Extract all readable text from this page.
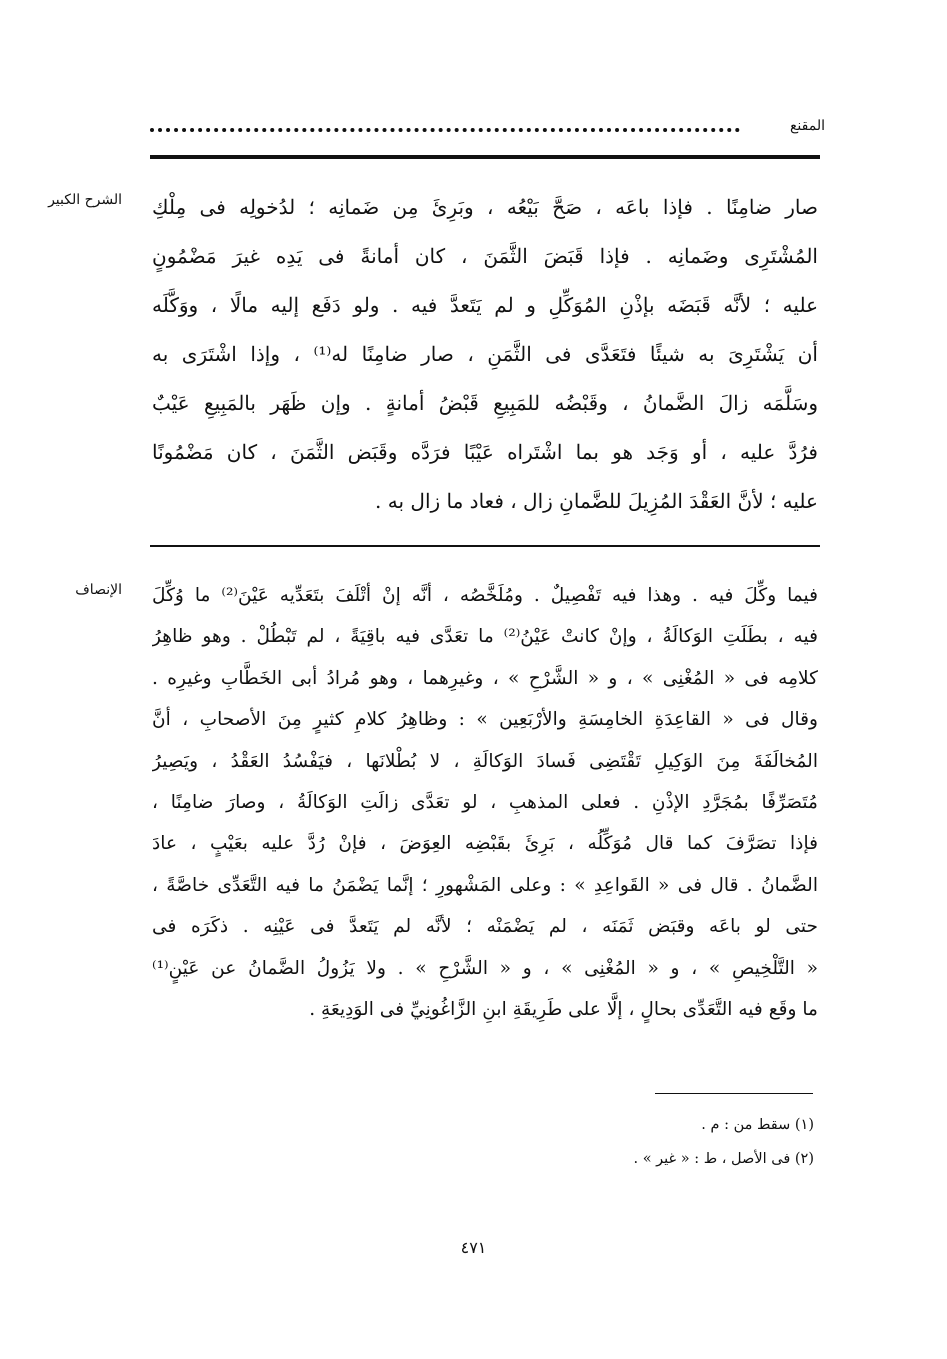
المقنع
الشرح الكبير صار ضامِنًا . فإذا باعَه ، صَحَّ بَيْعُه ، وبَرِئَ مِن ضَمانِه ؛ لدُخولِه فى مِلْكِ
المُشْتَرِى وضَمانِه . فإذا قَبَضَ الثَّمَنَ ، كان أمانةً فى يَدِه غيرَ مَضْمُونٍ
عليه ؛ لأنَّه قَبَضَه بإذْنِ المُوَكِّلِ و لم يَتَعدَّ فيه . ولو دَفَع إليه مالًا ، ووَكَّلَه
أن يَشْتَرِىَ به شيئًا فتَعَدَّى فى الثَّمَنِ ، صار ضامِنًا له⁽¹⁾ ، وإذا اشْتَرَى به
وسَلَّمَه زالَ الضَّمانُ ، وقَبْضُه للمَبِيعِ قَبْضُ أمانةٍ . وإن ظَهَر بالمَبِيعِ عَيْبٌ
فرُدَّ عليه ، أو وَجَد هو بما اشْتَراه عَيْبًا فرَدَّه وقَبَض الثَّمَنَ ، كان مَضْمُونًا
عليه ؛ لأنَّ العَقْدَ المُزِيلَ للضَّمانِ زال ، فعاد ما زال به .
الإنصاف فيما وكِّلَ فيه . وهذا فيه تَفْصِيلٌ . ومُلَخَّصُه ، أنَّه إنْ أتْلَفَ بتَعَدِّيه عَيْنَ⁽²⁾ ما وُكِّلَ
فيه ، بطَلَتِ الوَكالَةُ ، وإنْ كانتْ عَيْنُ⁽²⁾ ما تعَدَّى فيه باقِيَةً ، لم تَبْطُلْ . وهو ظاهِرُ
كلامِه فى « المُغْنِى » ، و « الشَّرْحِ » ، وغيرِهما ، وهو مُرادُ أبى الخَطَّابِ وغيرِه .
وقال فى « القاعِدَةِ الخامِسَةِ والأرْبَعِين » : وظاهِرُ كلامِ كثيرٍ مِنَ الأصحابِ ، أنَّ
المُخالَفَةَ مِنَ الوَكِيلِ تَقْتَضِى فَسادَ الوَكالَةِ ، لا بُطْلانَها ، فيَفْسُدُ العَقْدُ ، ويَصِيرُ
مُتَصَرِّفًا بمُجَرَّدِ الإذْنِ . فعلى المذهبِ ، لو تعَدَّى زالَتِ الوَكالَةُ ، وصارَ ضامِنًا ،
فإذا تصَرَّفَ كما قال مُوَكِّلُه ، بَرِئَ بقَبْضِه العِوَضَ ، فإنْ رُدَّ عليه بعَيْبٍ ، عادَ
الضَّمانُ . قال فى « القَواعِدِ » : وعلى المَشْهورِ ؛ إنَّما يَضْمَنُ ما فيه التَّعَدِّى خاصَّةً ،
حتى لو باعَه وقبَض ثَمَنَه ، لم يَضْمَنْه ؛ لأنَّه لم يَتَعدَّ فى عَيْنِه . ذكَرَه فى
« التَّلْخِيصِ » ، و « المُغْنِى » ، و « الشَّرْحِ » . ولا يَزُولُ الضَّمانُ عن عَيْنٍ⁽¹⁾
ما وقَع فيه التَّعَدِّى بحالٍ ، إلَّا على طَرِيقَةِ ابنِ الزَّاغُونِيِّ فى الوَدِيعَةِ .
(١) سقط من : م .
(٢) فى الأصل ، ط : « غير » .
٤٧١
